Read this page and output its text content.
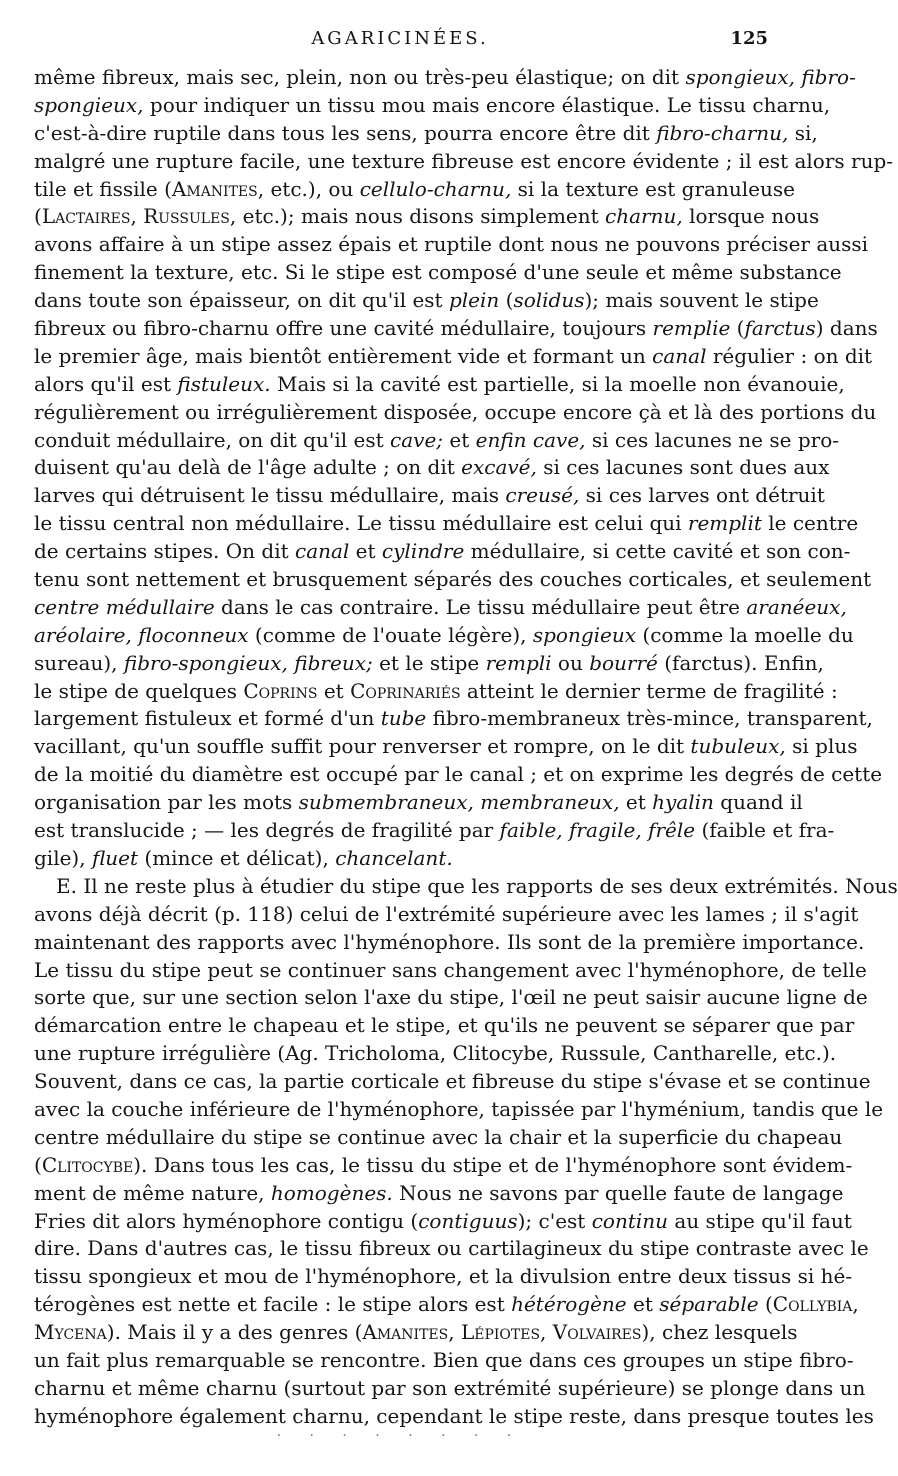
AGARICINÉES.	125
même fibreux, mais sec, plein, non ou très-peu élastique; on dit spongieux, fibro-
spongieux, pour indiquer un tissu mou mais encore élastique. Le tissu charnu,
c'est-à-dire ruptile dans tous les sens, pourra encore être dit fibro-charnu, si,
malgré une rupture facile, une texture fibreuse est encore évidente ; il est alors rup-
tile et fissile (Amanites, etc.), ou cellulo-charnu, si la texture est granuleuse
(Lactaires, Russules, etc.); mais nous disons simplement charnu, lorsque nous
avons affaire à un stipe assez épais et ruptile dont nous ne pouvons préciser aussi
finement la texture, etc. Si le stipe est composé d'une seule et même substance
dans toute son épaisseur, on dit qu'il est plein (solidus); mais souvent le stipe
fibreux ou fibro-charnu offre une cavité médullaire, toujours remplie (farctus) dans
le premier âge, mais bientôt entièrement vide et formant un canal régulier : on dit
alors qu'il est fistuleux. Mais si la cavité est partielle, si la moelle non évanouie,
régulièrement ou irrégulièrement disposée, occupe encore çà et là des portions du
conduit médullaire, on dit qu'il est cave; et enfin cave, si ces lacunes ne se pro-
duisent qu'au delà de l'âge adulte ; on dit excavé, si ces lacunes sont dues aux
larves qui détruisent le tissu médullaire, mais creusé, si ces larves ont détruit
le tissu central non médullaire. Le tissu médullaire est celui qui remplit le centre
de certains stipes. On dit canal et cylindre médullaire, si cette cavité et son con-
tenu sont nettement et brusquement séparés des couches corticales, et seulement
centre médullaire dans le cas contraire. Le tissu médullaire peut être aranéeux,
aréolaire, floconneux (comme de l'ouate légère), spongieux (comme la moelle du
sureau), fibro-spongieux, fibreux; et le stipe rempli ou bourré (farctus). Enfin,
le stipe de quelques Coprins et Coprinariés atteint le dernier terme de fragilité :
largement fistuleux et formé d'un tube fibro-membraneux très-mince, transparent,
vacillant, qu'un souffle suffit pour renverser et rompre, on le dit tubuleux, si plus
de la moitié du diamètre est occupé par le canal ; et on exprime les degrés de cette
organisation par les mots submembraneux, membraneux, et hyalin quand il
est translucide ; — les degrés de fragilité par faible, fragile, frêle (faible et fra-
gile), fluet (mince et délicat), chancelant.
E. Il ne reste plus à étudier du stipe que les rapports de ses deux extrémités. Nous
avons déjà décrit (p. 118) celui de l'extrémité supérieure avec les lames ; il s'agit
maintenant des rapports avec l'hyménophore. Ils sont de la première importance.
Le tissu du stipe peut se continuer sans changement avec l'hyménophore, de telle
sorte que, sur une section selon l'axe du stipe, l'œil ne peut saisir aucune ligne de
démarcation entre le chapeau et le stipe, et qu'ils ne peuvent se séparer que par
une rupture irrégulière (Ag. Tricholoma, Clitocybe, Russule, Cantharelle, etc.).
Souvent, dans ce cas, la partie corticale et fibreuse du stipe s'évase et se continue
avec la couche inférieure de l'hyménophore, tapissée par l'hyménium, tandis que le
centre médullaire du stipe se continue avec la chair et la superficie du chapeau
(Clitocybe). Dans tous les cas, le tissu du stipe et de l'hyménophore sont évidem-
ment de même nature, homogènes. Nous ne savons par quelle faute de langage
Fries dit alors hyménophore contigu (contiguus); c'est continu au stipe qu'il faut
dire. Dans d'autres cas, le tissu fibreux ou cartilagineux du stipe contraste avec le
tissu spongieux et mou de l'hyménophore, et la divulsion entre deux tissus si hé-
térogènes est nette et facile : le stipe alors est hétérogène et séparable (Collybia,
Mycena). Mais il y a des genres (Amanites, Lépiotes, Volvaires), chez lesquels
un fait plus remarquable se rencontre. Bien que dans ces groupes un stipe fibro-
charnu et même charnu (surtout par son extrémité supérieure) se plonge dans un
hyménophore également charnu, cependant le stipe reste, dans presque toutes les
· · · · · · · ·
